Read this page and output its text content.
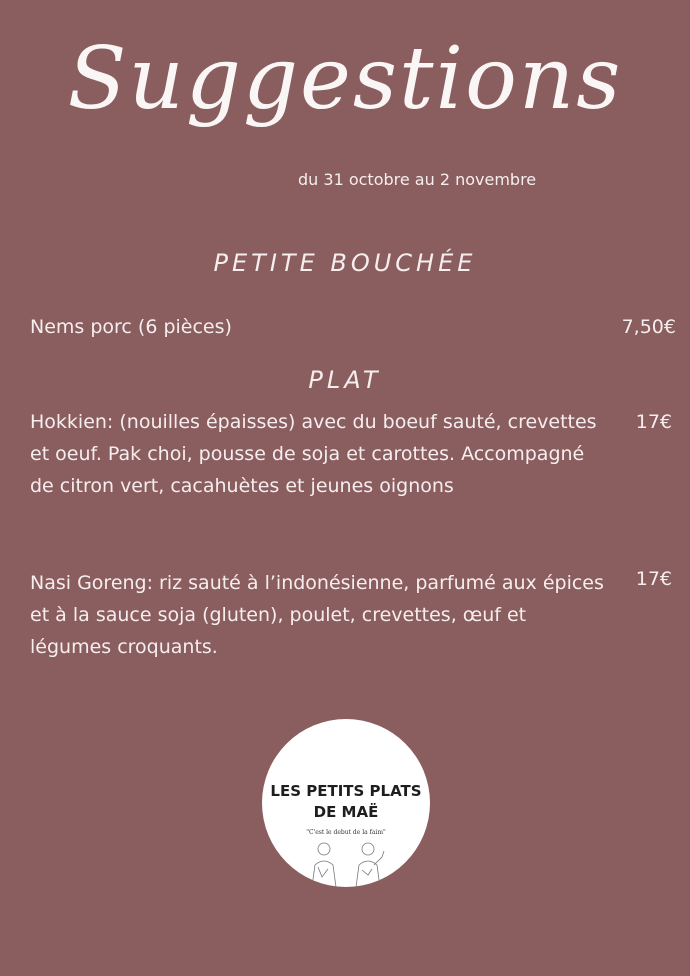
Suggestions
du 31 octobre au 2 novembre
PETITE BOUCHÉE
Nems porc (6 pièces)	7,50€
PLAT
Hokkien: (nouilles épaisses) avec du boeuf sauté, crevettes et oeuf. Pak choi, pousse de soja et carottes. Accompagné de citron vert, cacahuètes et jeunes oignons
17€
Nasi Goreng: riz sauté à l’indonésienne, parfumé aux épices et à la sauce soja (gluten), poulet, crevettes, œuf et légumes croquants.
17€
LES PETITS PLATS
DE MAË
"C'est le debut de la faim"
